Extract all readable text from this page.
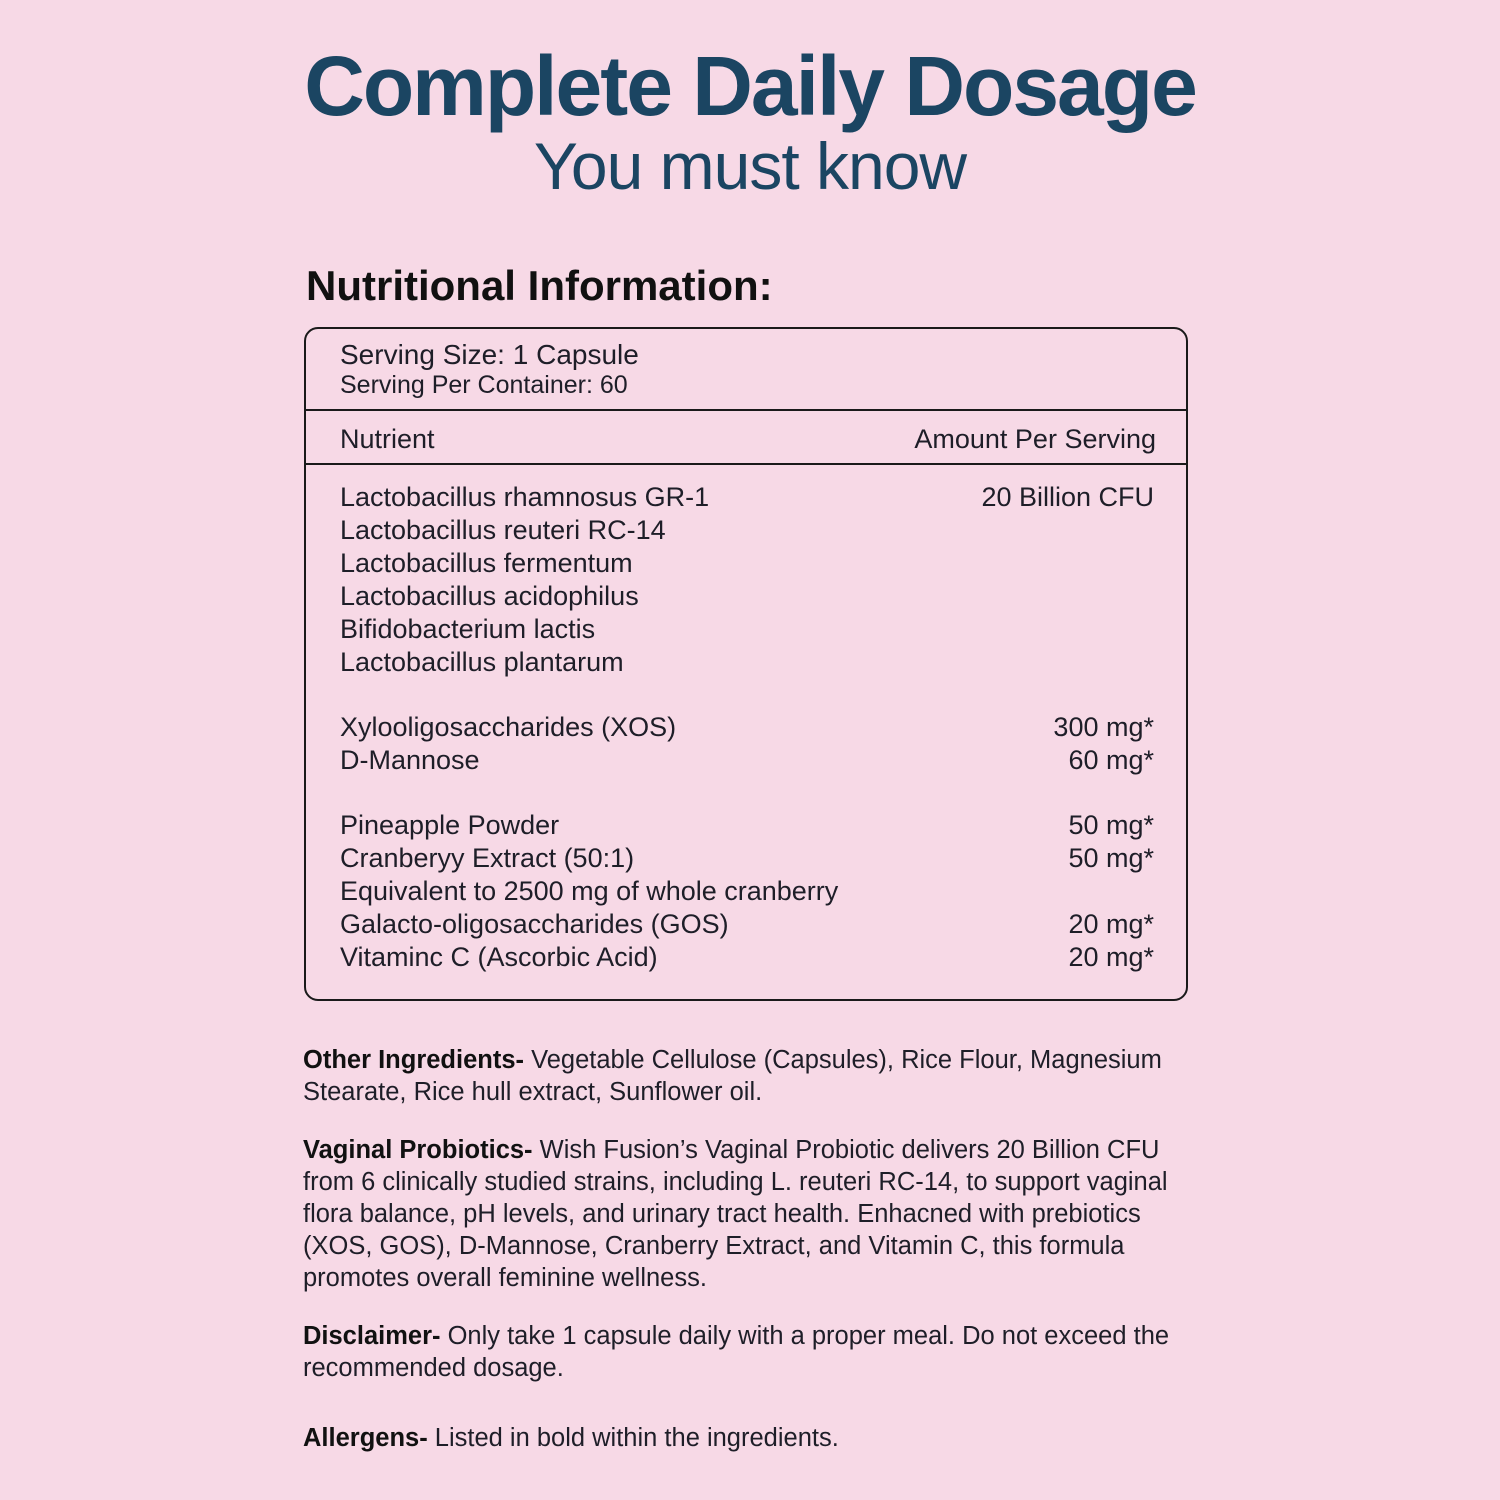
Complete Daily Dosage
You must know
Nutritional Information:
Serving Size: 1 Capsule
Serving Per Container: 60
Nutrient	Amount Per Serving
Lactobacillus rhamnosus GR-1	20 Billion CFU
Lactobacillus reuteri RC-14
Lactobacillus fermentum
Lactobacillus acidophilus
Bifidobacterium lactis
Lactobacillus plantarum
Xylooligosaccharides (XOS)	300 mg*
D-Mannose	60 mg*
Pineapple Powder	50 mg*
Cranberyy Extract (50:1)	50 mg*
Equivalent to 2500 mg of whole cranberry
Galacto-oligosaccharides (GOS)	20 mg*
Vitaminc C (Ascorbic Acid)	20 mg*
Other Ingredients- Vegetable Cellulose (Capsules), Rice Flour, Magnesium Stearate, Rice hull extract, Sunflower oil.
Vaginal Probiotics- Wish Fusion’s Vaginal Probiotic delivers 20 Billion CFU from 6 clinically studied strains, including L. reuteri RC-14, to support vaginal flora balance, pH levels, and urinary tract health. Enhacned with prebiotics (XOS, GOS), D-Mannose, Cranberry Extract, and Vitamin C, this formula promotes overall feminine wellness.
Disclaimer- Only take 1 capsule daily with a proper meal. Do not exceed the recommended dosage.
Allergens- Listed in bold within the ingredients.
